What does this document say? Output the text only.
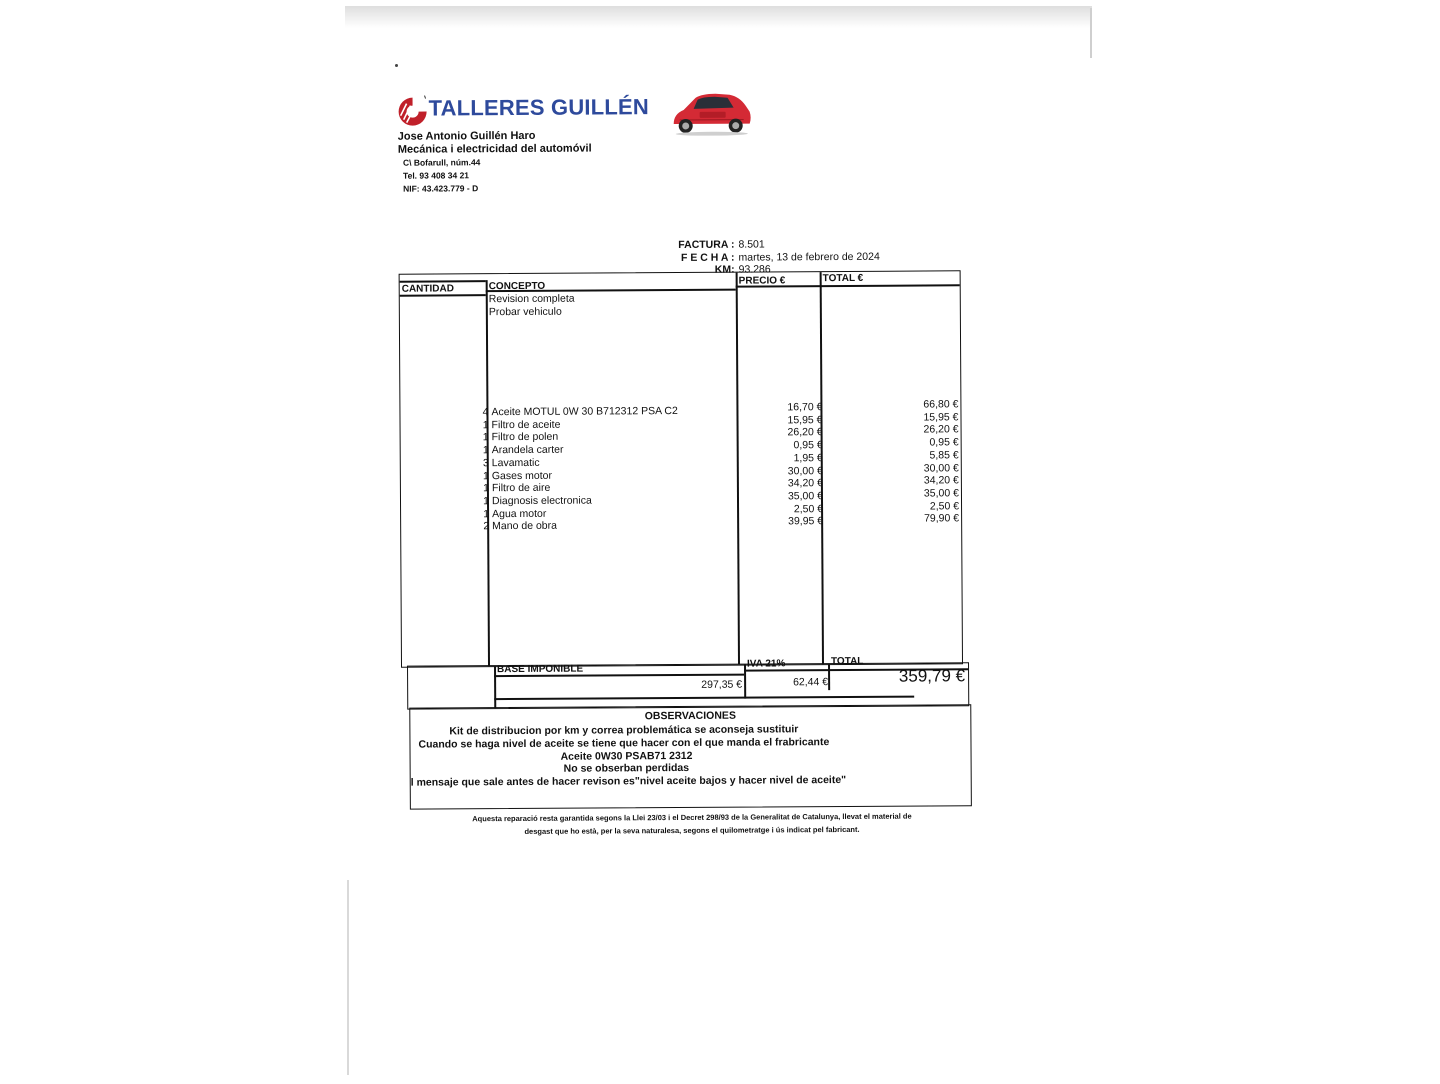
TALLERES GUILLÉN
Jose Antonio Guillén Haro
Mecánica i electricidad del automóvil
C\ Bofarull, núm.44
Tel. 93 408 34 21
NIF: 43.423.779 - D
FACTURA : 8.501
F E C H A : martes, 13 de febrero de 2024
KM: 93.286
CANTIDAD	CONCEPTO	PRECIO €	TOTAL €
Revision completa
Probar vehiculo
4 Aceite MOTUL 0W 30 B712312 PSA C2	16,70 €	66,80 €
1 Filtro de aceite	15,95 €	15,95 €
1 Filtro de polen	26,20 €	26,20 €
1 Arandela carter	0,95 €	0,95 €
3 Lavamatic	1,95 €	5,85 €
1 Gases motor	30,00 €	30,00 €
1 Filtro de aire	34,20 €	34,20 €
1 Diagnosis electronica	35,00 €	35,00 €
1 Agua motor	2,50 €	2,50 €
2 Mano de obra	39,95 €	79,90 €
BASE IMPONIBLE	IVA 21%	TOTAL
297,35 €	62,44 €	359,79 €
OBSERVACIONES
Kit de distribucion por km y correa problemática se aconseja sustituir
Cuando se haga nivel de aceite se tiene que hacer con el que manda el frabricante
Aceite 0W30 PSAB71 2312
No se obserban perdidas
l mensaje que sale antes de hacer revison es"nivel aceite bajos y hacer nivel de aceite"
Aquesta reparació resta garantida segons la Llei 23/03 i el Decret 298/93 de la Generalitat de Catalunya, llevat el material de
desgast que ho està, per la seva naturalesa, segons el quilometratge i ús indicat pel fabricant.
